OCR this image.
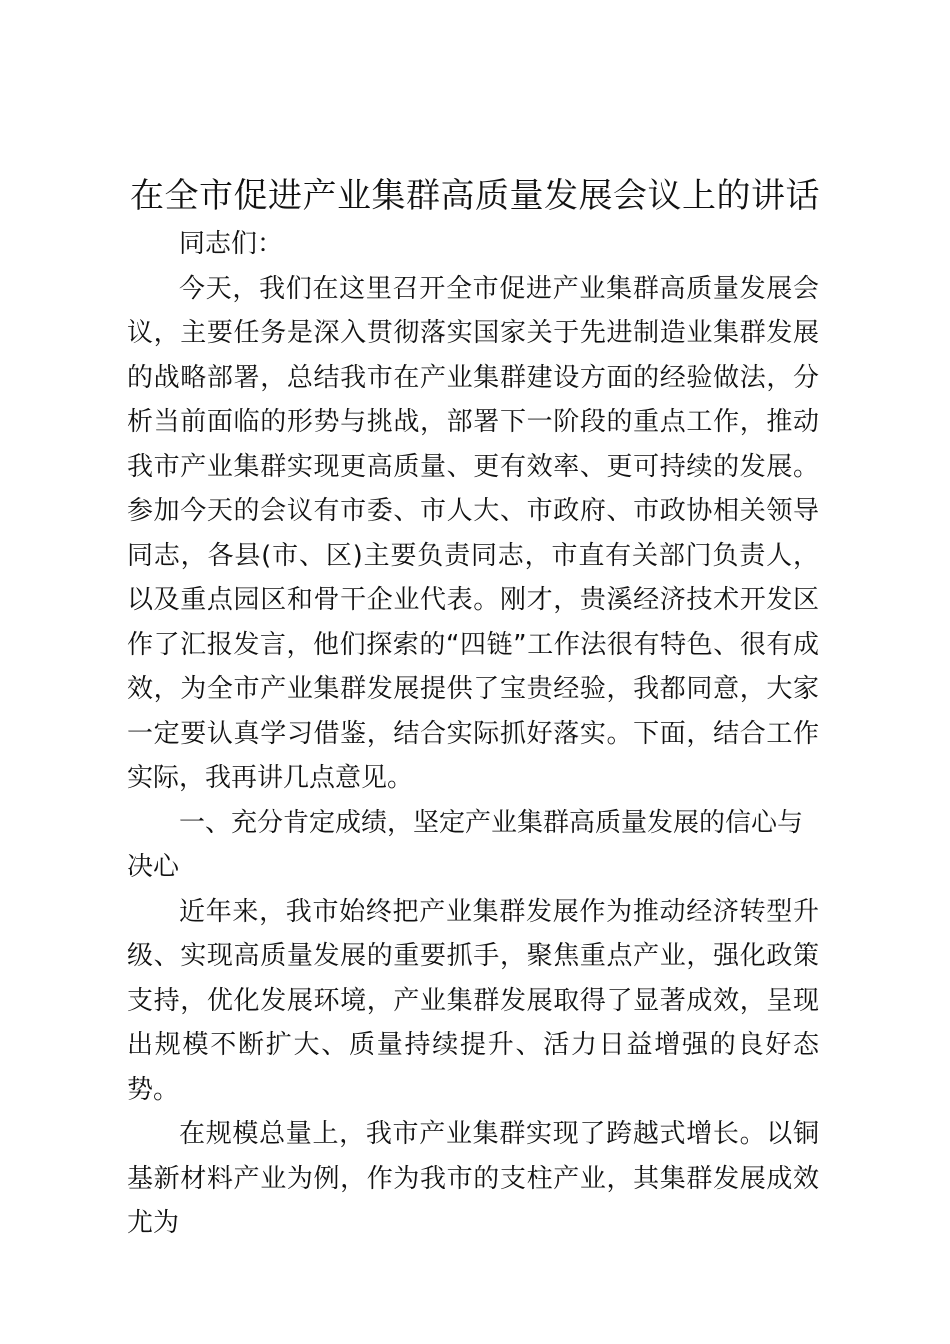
在全市促进产业集群高质量发展会议上的讲话

同志们：

今天，我们在这里召开全市促进产业集群高质量发展会议，主要任务是深入贯彻落实国家关于先进制造业集群发展的战略部署，总结我市在产业集群建设方面的经验做法，分析当前面临的形势与挑战，部署下一阶段的重点工作，推动我市产业集群实现更高质量、更有效率、更可持续的发展。参加今天的会议有市委、市人大、市政府、市政协相关领导同志，各县(市、区)主要负责同志，市直有关部门负责人，以及重点园区和骨干企业代表。刚才，贵溪经济技术开发区作了汇报发言，他们探索的“四链”工作法很有特色、很有成效，为全市产业集群发展提供了宝贵经验，我都同意，大家一定要认真学习借鉴，结合实际抓好落实。下面，结合工作实际，我再讲几点意见。

一、充分肯定成绩，坚定产业集群高质量发展的信心与决心

近年来，我市始终把产业集群发展作为推动经济转型升级、实现高质量发展的重要抓手，聚焦重点产业，强化政策支持，优化发展环境，产业集群发展取得了显著成效，呈现出规模不断扩大、质量持续提升、活力日益增强的良好态势。

在规模总量上，我市产业集群实现了跨越式增长。以铜基新材料产业为例，作为我市的支柱产业，其集群发展成效尤为
